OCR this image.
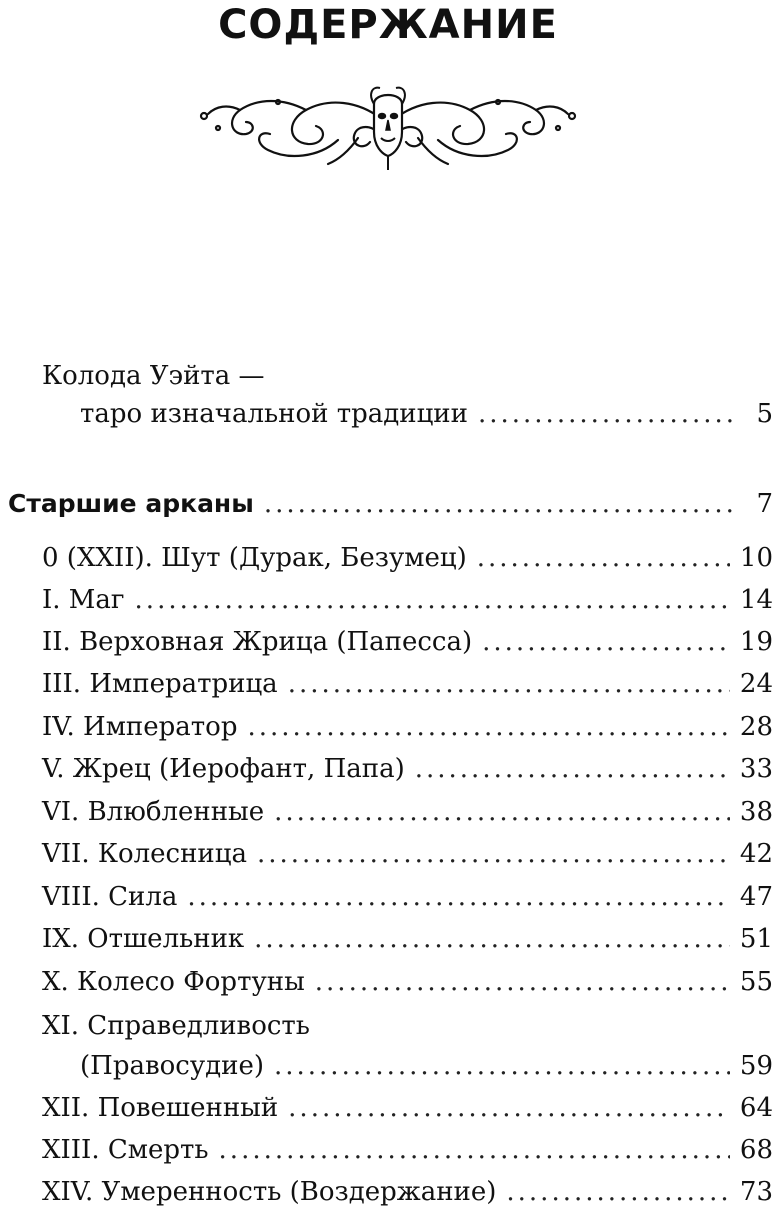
СОДЕРЖАНИЕ
Колода Уэйта —
таро изначальной традиции .....	5
Старшие арканы .....	7
0 (XXII). Шут (Дурак, Безумец) .....	10
I. Маг .....	14
II. Верховная Жрица (Папесса) .....	19
III. Императрица .....	24
IV. Император .....	28
V. Жрец (Иерофант, Папа) .....	33
VI. Влюбленные .....	38
VII. Колесница .....	42
VIII. Сила .....	47
IX. Отшельник .....	51
X. Колесо Фортуны .....	55
XI. Справедливость
(Правосудие) .....	59
XII. Повешенный .....	64
XIII. Смерть .....	68
XIV. Умеренность (Воздержание) .....	73
